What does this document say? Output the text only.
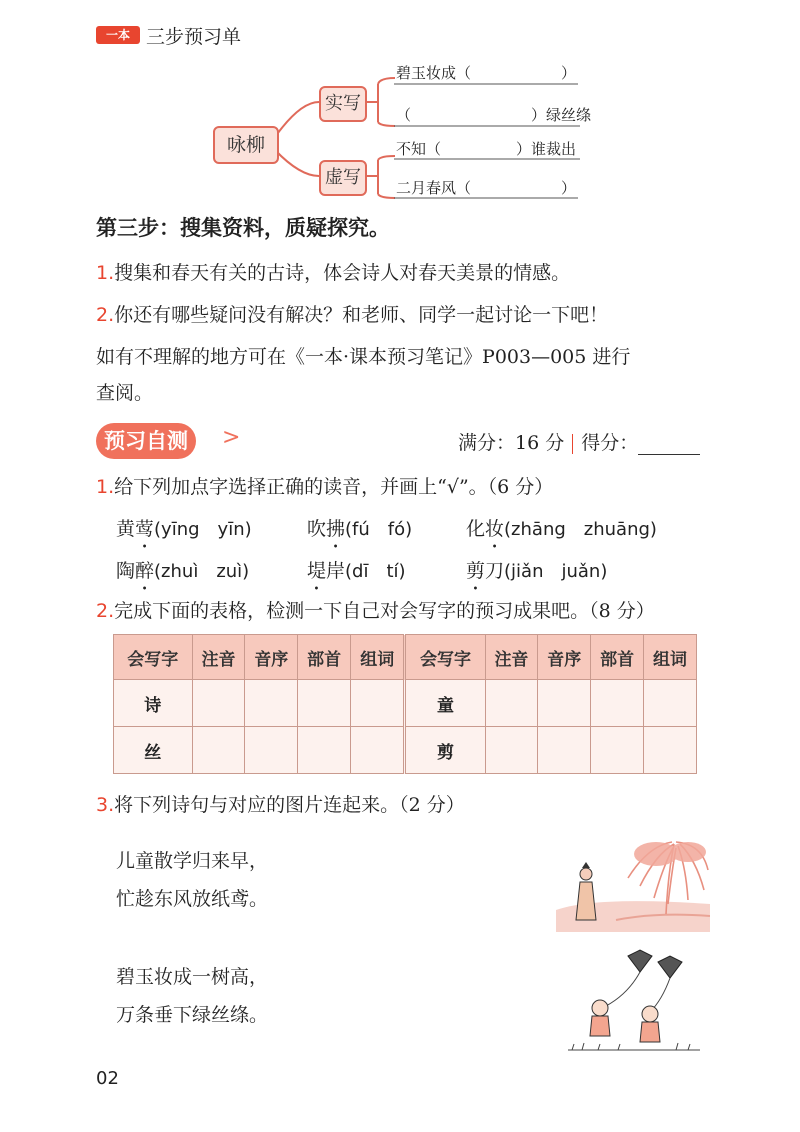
一本 三步预习单
咏柳
实写
虚写
碧玉妆成（　　　　　　）
（　　　　　　　　）绿丝绦
不知（　　　　　）谁裁出
二月春风（　　　　　　）
第三步：搜集资料，质疑探究。
1.搜集和春天有关的古诗，体会诗人对春天美景的情感。
2.你还有哪些疑问没有解决？和老师、同学一起讨论一下吧！
如有不理解的地方可在《一本·课本预习笔记》P003—005 进行
查阅。
预习自测	>	满分：16 分 得分：
1.给下列加点字选择正确的读音，并画上“√”。（6 分）
黄莺(yīng　yīn)	吹拂(fú　fó)	化妆(zhāng　zhuāng)
陶醉(zhuì　zuì)	堤岸(dī　tí)	剪刀(jiǎn　juǎn)
2.完成下面的表格，检测一下自己对会写字的预习成果吧。（8 分）
会写字	注音	音序	部首	组词	会写字	注音	音序	部首	组词
诗					童				
丝					剪				
3.将下列诗句与对应的图片连起来。（2 分）
儿童散学归来早，
忙趁东风放纸鸢。
碧玉妆成一树高，
万条垂下绿丝绦。
02
